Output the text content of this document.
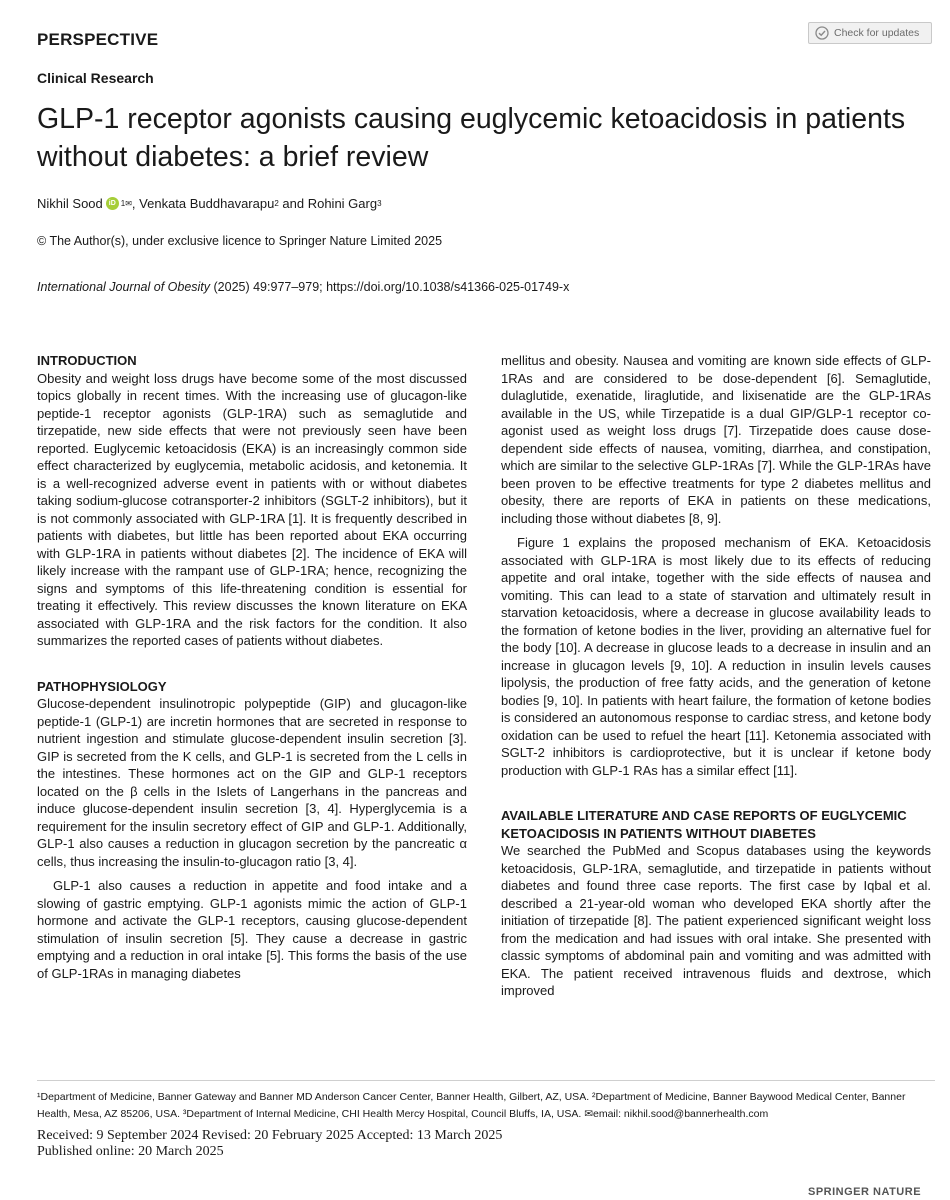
PERSPECTIVE	Check for updates
Clinical Research
GLP-1 receptor agonists causing euglycemic ketoacidosis in patients without diabetes: a brief review
Nikhil Sood iD 1✉ , Venkata Buddhavarapu 2 and Rohini Garg 3
© The Author(s), under exclusive licence to Springer Nature Limited 2025
International Journal of Obesity (2025) 49:977–979; https://doi.org/10.1038/s41366-025-01749-x
INTRODUCTION

Obesity and weight loss drugs have become some of the most discussed topics globally in recent times. With the increasing use of glucagon-like peptide-1 receptor agonists (GLP-1RA) such as semaglutide and tirzepatide, new side effects that were not previously seen have been reported. Euglycemic ketoacidosis (EKA) is an increasingly common side effect characterized by euglycemia, metabolic acidosis, and ketonemia. It is a well-recognized adverse event in patients with or without diabetes taking sodium-glucose cotransporter-2 inhibitors (SGLT-2 inhibitors), but it is not commonly associated with GLP-1RA [1]. It is frequently described in patients with diabetes, but little has been reported about EKA occurring with GLP-1RA in patients without diabetes [2]. The incidence of EKA will likely increase with the rampant use of GLP-1RA; hence, recognizing the signs and symptoms of this life-threatening condition is essential for treating it effectively. This review discusses the known literature on EKA associated with GLP-1RA and the risk factors for the condition. It also summarizes the reported cases of patients without diabetes.

PATHOPHYSIOLOGY

Glucose-dependent insulinotropic polypeptide (GIP) and glucagon-like peptide-1 (GLP-1) are incretin hormones that are secreted in response to nutrient ingestion and stimulate glucose-dependent insulin secretion [3]. GIP is secreted from the K cells, and GLP-1 is secreted from the L cells in the intestines. These hormones act on the GIP and GLP-1 receptors located on the β cells in the Islets of Langerhans in the pancreas and induce glucose-dependent insulin secretion [3, 4]. Hyperglycemia is a requirement for the insulin secretory effect of GIP and GLP-1. Additionally, GLP-1 also causes a reduction in glucagon secretion by the pancreatic α cells, thus increasing the insulin-to-glucagon ratio [3, 4].

GLP-1 also causes a reduction in appetite and food intake and a slowing of gastric emptying. GLP-1 agonists mimic the action of GLP-1 hormone and activate the GLP-1 receptors, causing glucose-dependent stimulation of insulin secretion [5]. They cause a decrease in gastric emptying and a reduction in oral intake [5]. This forms the basis of the use of GLP-1RAs in managing diabetes

mellitus and obesity. Nausea and vomiting are known side effects of GLP-1RAs and are considered to be dose-dependent [6]. Semaglutide, dulaglutide, exenatide, liraglutide, and lixisenatide are the GLP-1RAs available in the US, while Tirzepatide is a dual GIP/GLP-1 receptor co-agonist used as weight loss drugs [7]. Tirzepatide does cause dose-dependent side effects of nausea, vomiting, diarrhea, and constipation, which are similar to the selective GLP-1RAs [7]. While the GLP-1RAs have been proven to be effective treatments for type 2 diabetes mellitus and obesity, there are reports of EKA in patients on these medications, including those without diabetes [8, 9].

Figure 1 explains the proposed mechanism of EKA. Ketoacidosis associated with GLP-1RA is most likely due to its effects of reducing appetite and oral intake, together with the side effects of nausea and vomiting. This can lead to a state of starvation and ultimately result in starvation ketoacidosis, where a decrease in glucose availability leads to the formation of ketone bodies in the liver, providing an alternative fuel for the body [10]. A decrease in glucose leads to a decrease in insulin and an increase in glucagon levels [9, 10]. A reduction in insulin levels causes lipolysis, the production of free fatty acids, and the generation of ketone bodies [9, 10]. In patients with heart failure, the formation of ketone bodies is considered an autonomous response to cardiac stress, and ketone body oxidation can be used to refuel the heart [11]. Ketonemia associated with SGLT-2 inhibitors is cardioprotective, but it is unclear if ketone body production with GLP-1 RAs has a similar effect [11].

AVAILABLE LITERATURE AND CASE REPORTS OF EUGLYCEMIC KETOACIDOSIS IN PATIENTS WITHOUT DIABETES

We searched the PubMed and Scopus databases using the keywords ketoacidosis, GLP-1RA, semaglutide, and tirzepatide in patients without diabetes and found three case reports. The first case by Iqbal et al. described a 21-year-old woman who developed EKA shortly after the initiation of tirzepatide [8]. The patient experienced significant weight loss from the medication and had issues with oral intake. She presented with classic symptoms of abdominal pain and vomiting and was admitted with EKA. The patient received intravenous fluids and dextrose, which improved

¹Department of Medicine, Banner Gateway and Banner MD Anderson Cancer Center, Banner Health, Gilbert, AZ, USA. ²Department of Medicine, Banner Baywood Medical Center, Banner Health, Mesa, AZ 85206, USA. ³Department of Internal Medicine, CHI Health Mercy Hospital, Council Bluffs, IA, USA. ✉email: nikhil.sood@bannerhealth.com
Received: 9 September 2024 Revised: 20 February 2025 Accepted: 13 March 2025
Published online: 20 March 2025
SPRINGER NATURE
